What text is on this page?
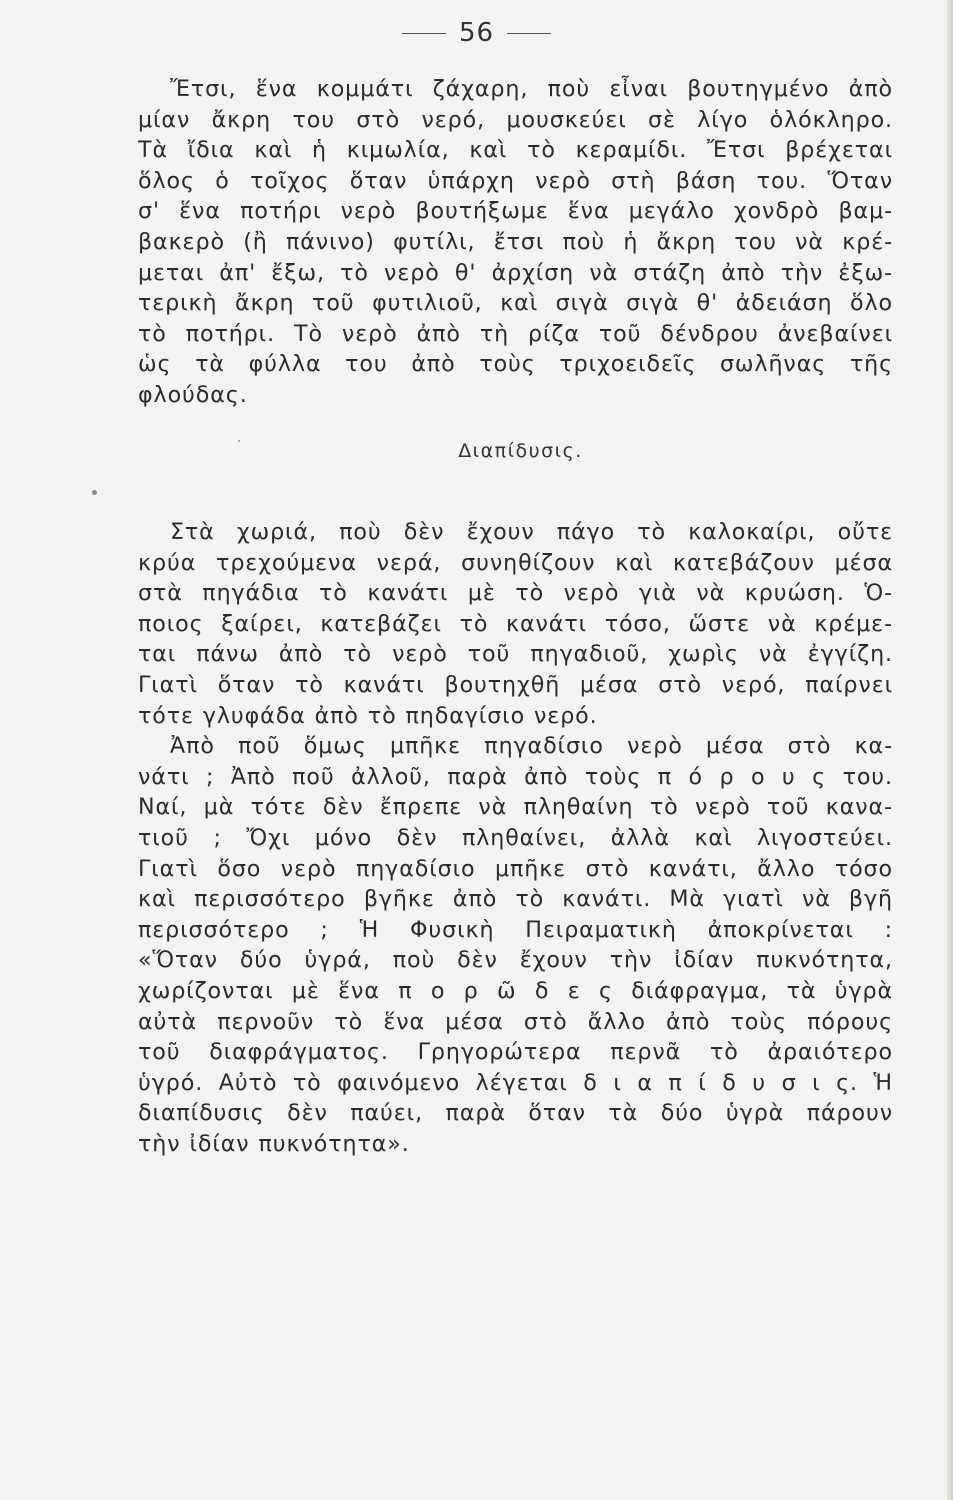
56
Ἔτσι, ἕνα κομμάτι ζάχαρη, ποὺ εἶναι βουτηγμένο ἀπὸ
μίαν ἄκρη του στὸ νερό, μουσκεύει σὲ λίγο ὁλόκληρο.
Τὰ ἴδια καὶ ἡ κιμωλία, καὶ τὸ κεραμίδι. Ἔτσι βρέχεται
ὅλος ὁ τοῖχος ὅταν ὑπάρχη νερὸ στὴ βάση του. Ὅταν
σ' ἕνα ποτήρι νερὸ βουτήξωμε ἕνα μεγάλο χονδρὸ βαμ-
βακερὸ (ἢ πάνινο) φυτίλι, ἔτσι ποὺ ἡ ἄκρη του νὰ κρέ-
μεται ἀπ' ἔξω, τὸ νερὸ θ' ἀρχίση νὰ στάζη ἀπὸ τὴν ἐξω-
τερικὴ ἄκρη τοῦ φυτιλιοῦ, καὶ σιγὰ σιγὰ θ' ἀδειάση ὅλο
τὸ ποτήρι. Τὸ νερὸ ἀπὸ τὴ ρίζα τοῦ δένδρου ἀνεβαίνει
ὡς τὰ φύλλα του ἀπὸ τοὺς τριχοειδεῖς σωλῆνας τῆς
φλούδας.
Διαπίδυσις.
Στὰ χωριά, ποὺ δὲν ἔχουν πάγο τὸ καλοκαίρι, οὔτε
κρύα τρεχούμενα νερά, συνηθίζουν καὶ κατεβάζουν μέσα
στὰ πηγάδια τὸ κανάτι μὲ τὸ νερὸ γιὰ νὰ κρυώση. Ὁ-
ποιος ξαίρει, κατεβάζει τὸ κανάτι τόσο, ὥστε νὰ κρέμε-
ται πάνω ἀπὸ τὸ νερὸ τοῦ πηγαδιοῦ, χωρὶς νὰ ἐγγίζη.
Γιατὶ ὅταν τὸ κανάτι βουτηχθῆ μέσα στὸ νερό, παίρνει
τότε γλυφάδα ἀπὸ τὸ πηδαγίσιο νερό.
Ἀπὸ ποῦ ὅμως μπῆκε πηγαδίσιο νερὸ μέσα στὸ κα-
νάτι ; Ἀπὸ ποῦ ἀλλοῦ, παρὰ ἀπὸ τοὺς π ό ρ ο υ ς του.
Ναί, μὰ τότε δὲν ἔπρεπε νὰ πληθαίνη τὸ νερὸ τοῦ κανα-
τιοῦ ; Ὄχι μόνο δὲν πληθαίνει, ἀλλὰ καὶ λιγοστεύει.
Γιατὶ ὅσο νερὸ πηγαδίσιο μπῆκε στὸ κανάτι, ἄλλο τόσο
καὶ περισσότερο βγῆκε ἀπὸ τὸ κανάτι. Μὰ γιατὶ νὰ βγῆ
περισσότερο ; Ἡ Φυσικὴ Πειραματικὴ ἀποκρίνεται :
«Ὅταν δύο ὑγρά, ποὺ δὲν ἔχουν τὴν ἰδίαν πυκνότητα,
χωρίζονται μὲ ἕνα π ο ρ ῶ δ ε ς διάφραγμα, τὰ ὑγρὰ
αὐτὰ περνοῦν τὸ ἕνα μέσα στὸ ἄλλο ἀπὸ τοὺς πόρους
τοῦ διαφράγματος. Γρηγορώτερα περνᾶ τὸ ἀραιότερο
ὑγρό. Αὐτὸ τὸ φαινόμενο λέγεται δ ι α π ί δ υ σ ι ς. Ἡ
διαπίδυσις δὲν παύει, παρὰ ὅταν τὰ δύο ὑγρὰ πάρουν
τὴν ἰδίαν πυκνότητα».
